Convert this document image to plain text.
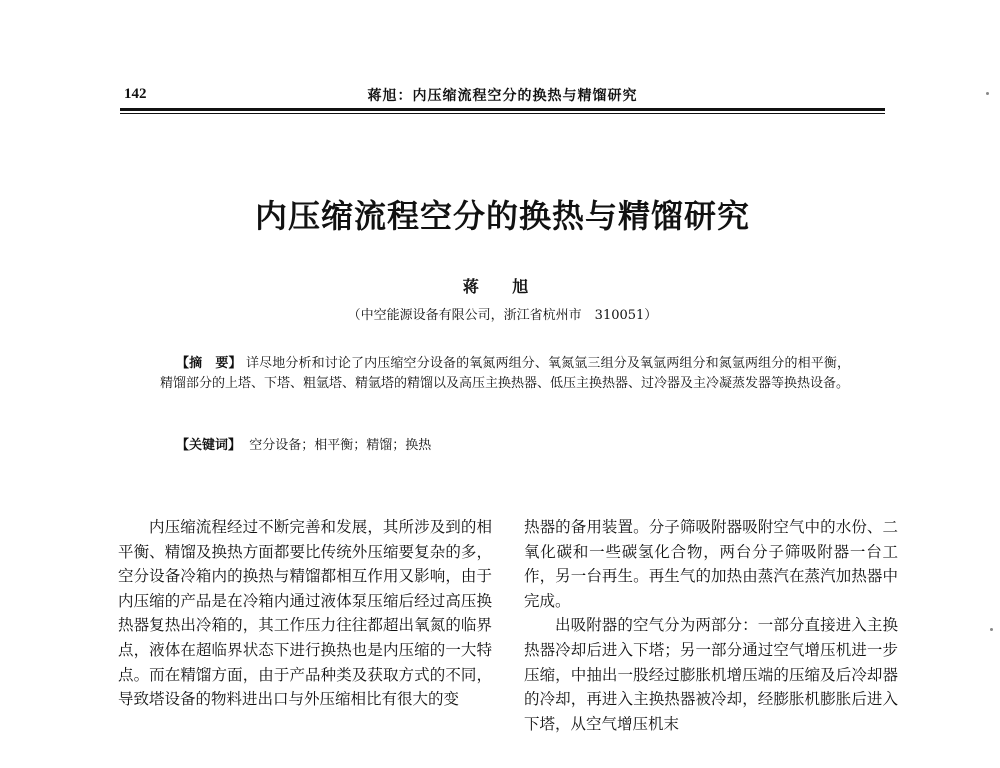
142	蒋旭：内压缩流程空分的换热与精馏研究
内压缩流程空分的换热与精馏研究
蒋 旭
（中空能源设备有限公司，浙江省杭州市　310051）

【摘　要】 详尽地分析和讨论了内压缩空分设备的氧氮两组分、氧氮氩三组分及氧氩两组分和氮氩两组分的相平衡，精馏部分的上塔、下塔、粗氩塔、精氩塔的精馏以及高压主换热器、低压主换热器、过冷器及主冷凝蒸发器等换热设备。

【关键词】 空分设备；相平衡；精馏；换热

内压缩流程经过不断完善和发展，其所涉及到的相平衡、精馏及换热方面都要比传统外压缩要复杂的多，空分设备冷箱内的换热与精馏都相互作用又影响，由于内压缩的产品是在冷箱内通过液体泵压缩后经过高压换热器复热出冷箱的，其工作压力往往都超出氧氮的临界点，液体在超临界状态下进行换热也是内压缩的一大特点。而在精馏方面，由于产品种类及获取方式的不同，导致塔设备的物料进出口与外压缩相比有很大的变

热器的备用装置。分子筛吸附器吸附空气中的水份、二氧化碳和一些碳氢化合物，两台分子筛吸附器一台工作，另一台再生。再生气的加热由蒸汽在蒸汽加热器中完成。

出吸附器的空气分为两部分：一部分直接进入主换热器冷却后进入下塔；另一部分通过空气增压机进一步压缩，中抽出一股经过膨胀机增压端的压缩及后冷却器的冷却，再进入主换热器被冷却，经膨胀机膨胀后进入下塔，从空气增压机末
